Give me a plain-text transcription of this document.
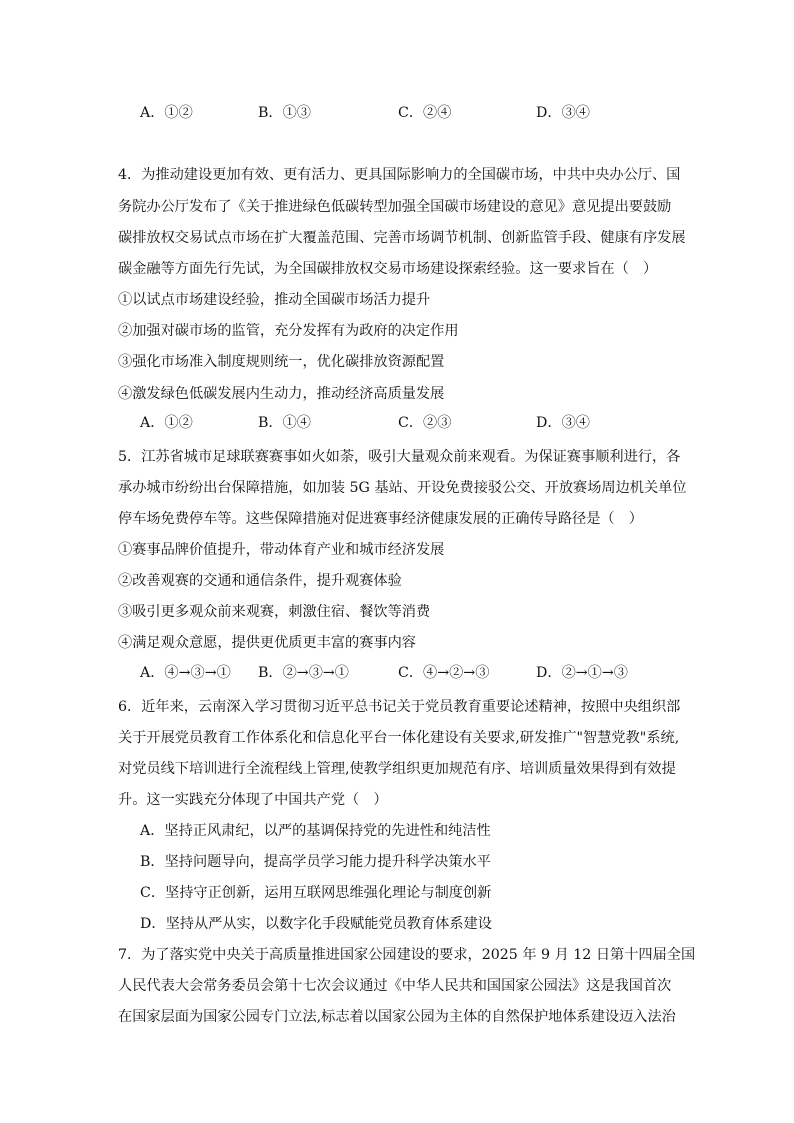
A．①②	B．①③	C．②④	D．③④
4．为推动建设更加有效、更有活力、更具国际影响力的全国碳市场，中共中央办公厅、国
务院办公厅发布了《关于推进绿色低碳转型加强全国碳市场建设的意见》意见提出要鼓励
碳排放权交易试点市场在扩大覆盖范围、完善市场调节机制、创新监管手段、健康有序发展
碳金融等方面先行先试，为全国碳排放权交易市场建设探索经验。这一要求旨在（　）
①以试点市场建设经验，推动全国碳市场活力提升
②加强对碳市场的监管，充分发挥有为政府的决定作用
③强化市场准入制度规则统一，优化碳排放资源配置
④激发绿色低碳发展内生动力，推动经济高质量发展
A．①②	B．①④	C．②③	D．③④
5．江苏省城市足球联赛赛事如火如荼，吸引大量观众前来观看。为保证赛事顺利进行，各
承办城市纷纷出台保障措施，如加装 5G 基站、开设免费接驳公交、开放赛场周边机关单位
停车场免费停车等。这些保障措施对促进赛事经济健康发展的正确传导路径是（　）
①赛事品牌价值提升，带动体育产业和城市经济发展
②改善观赛的交通和通信条件，提升观赛体验
③吸引更多观众前来观赛，刺激住宿、餐饮等消费
④满足观众意愿，提供更优质更丰富的赛事内容
A．④→③→① B．②→③→①	C．④→②→③	D．②→①→③
6．近年来，云南深入学习贯彻习近平总书记关于党员教育重要论述精神，按照中央组织部
关于开展党员教育工作体系化和信息化平台一体化建设有关要求,研发推广"智慧党教"系统,
对党员线下培训进行全流程线上管理,使教学组织更加规范有序、培训质量效果得到有效提
升。这一实践充分体现了中国共产党（　）
A．坚持正风肃纪，以严的基调保持党的先进性和纯洁性
B．坚持问题导向，提高学员学习能力提升科学决策水平
C．坚持守正创新，运用互联网思维强化理论与制度创新
D．坚持从严从实，以数字化手段赋能党员教育体系建设
7．为了落实党中央关于高质量推进国家公园建设的要求，2025 年 9 月 12 日第十四届全国
人民代表大会常务委员会第十七次会议通过《中华人民共和国国家公园法》这是我国首次
在国家层面为国家公园专门立法,标志着以国家公园为主体的自然保护地体系建设迈入法治
